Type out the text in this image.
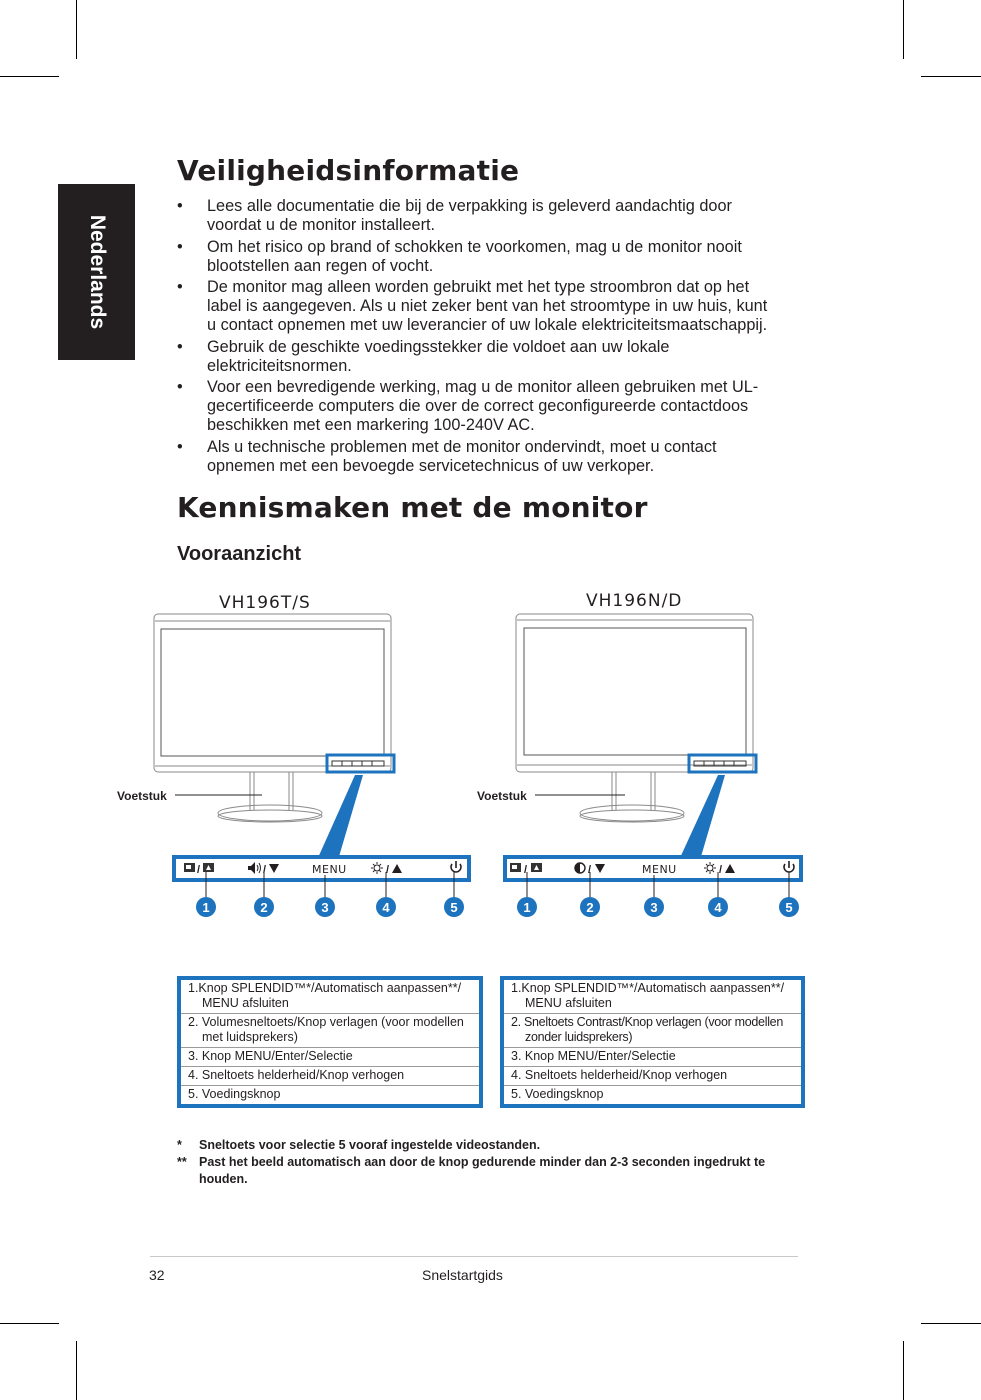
Nederlands
Veiligheidsinformatie
• Lees alle documentatie die bij de verpakking is geleverd aandachtig door
voordat u de monitor installeert.
• Om het risico op brand of schokken te voorkomen, mag u de monitor nooit
blootstellen aan regen of vocht.
• De monitor mag alleen worden gebruikt met het type stroombron dat op het
label is aangegeven. Als u niet zeker bent van het stroomtype in uw huis, kunt
u contact opnemen met uw leverancier of uw lokale elektriciteitsmaatschappij.
• Gebruik de geschikte voedingsstekker die voldoet aan uw lokale
elektriciteitsnormen.
• Voor een bevredigende werking, mag u de monitor alleen gebruiken met UL-
gecertificeerde computers die over de correct geconfigureerde contactdoos
beschikken met een markering 100-240V AC.
• Als u technische problemen met de monitor ondervindt, moet u contact
opnemen met een bevoegde servicetechnicus of uw verkoper.
Kennismaken met de monitor
Vooraanzicht
VH196T/S	VH196N/D
Voetstuk	Voetstuk
/	/	MENU	/
1	2	3	4	5
/	/	MENU	/
1	2	3	4	5
1.Knop SPLENDID™*/Automatisch aanpassen**/
MENU afsluiten
2. Volumesneltoets/Knop verlagen (voor modellen
met luidsprekers)
3. Knop MENU/Enter/Selectie
4. Sneltoets helderheid/Knop verhogen
5. Voedingsknop
1.Knop SPLENDID™*/Automatisch aanpassen**/
MENU afsluiten
2. Sneltoets Contrast/Knop verlagen (voor modellen
zonder luidsprekers)
3. Knop MENU/Enter/Selectie
4. Sneltoets helderheid/Knop verhogen
5. Voedingsknop
* Sneltoets voor selectie 5 vooraf ingestelde videostanden.
** Past het beeld automatisch aan door de knop gedurende minder dan 2-3 seconden ingedrukt te houden.
32	Snelstartgids
